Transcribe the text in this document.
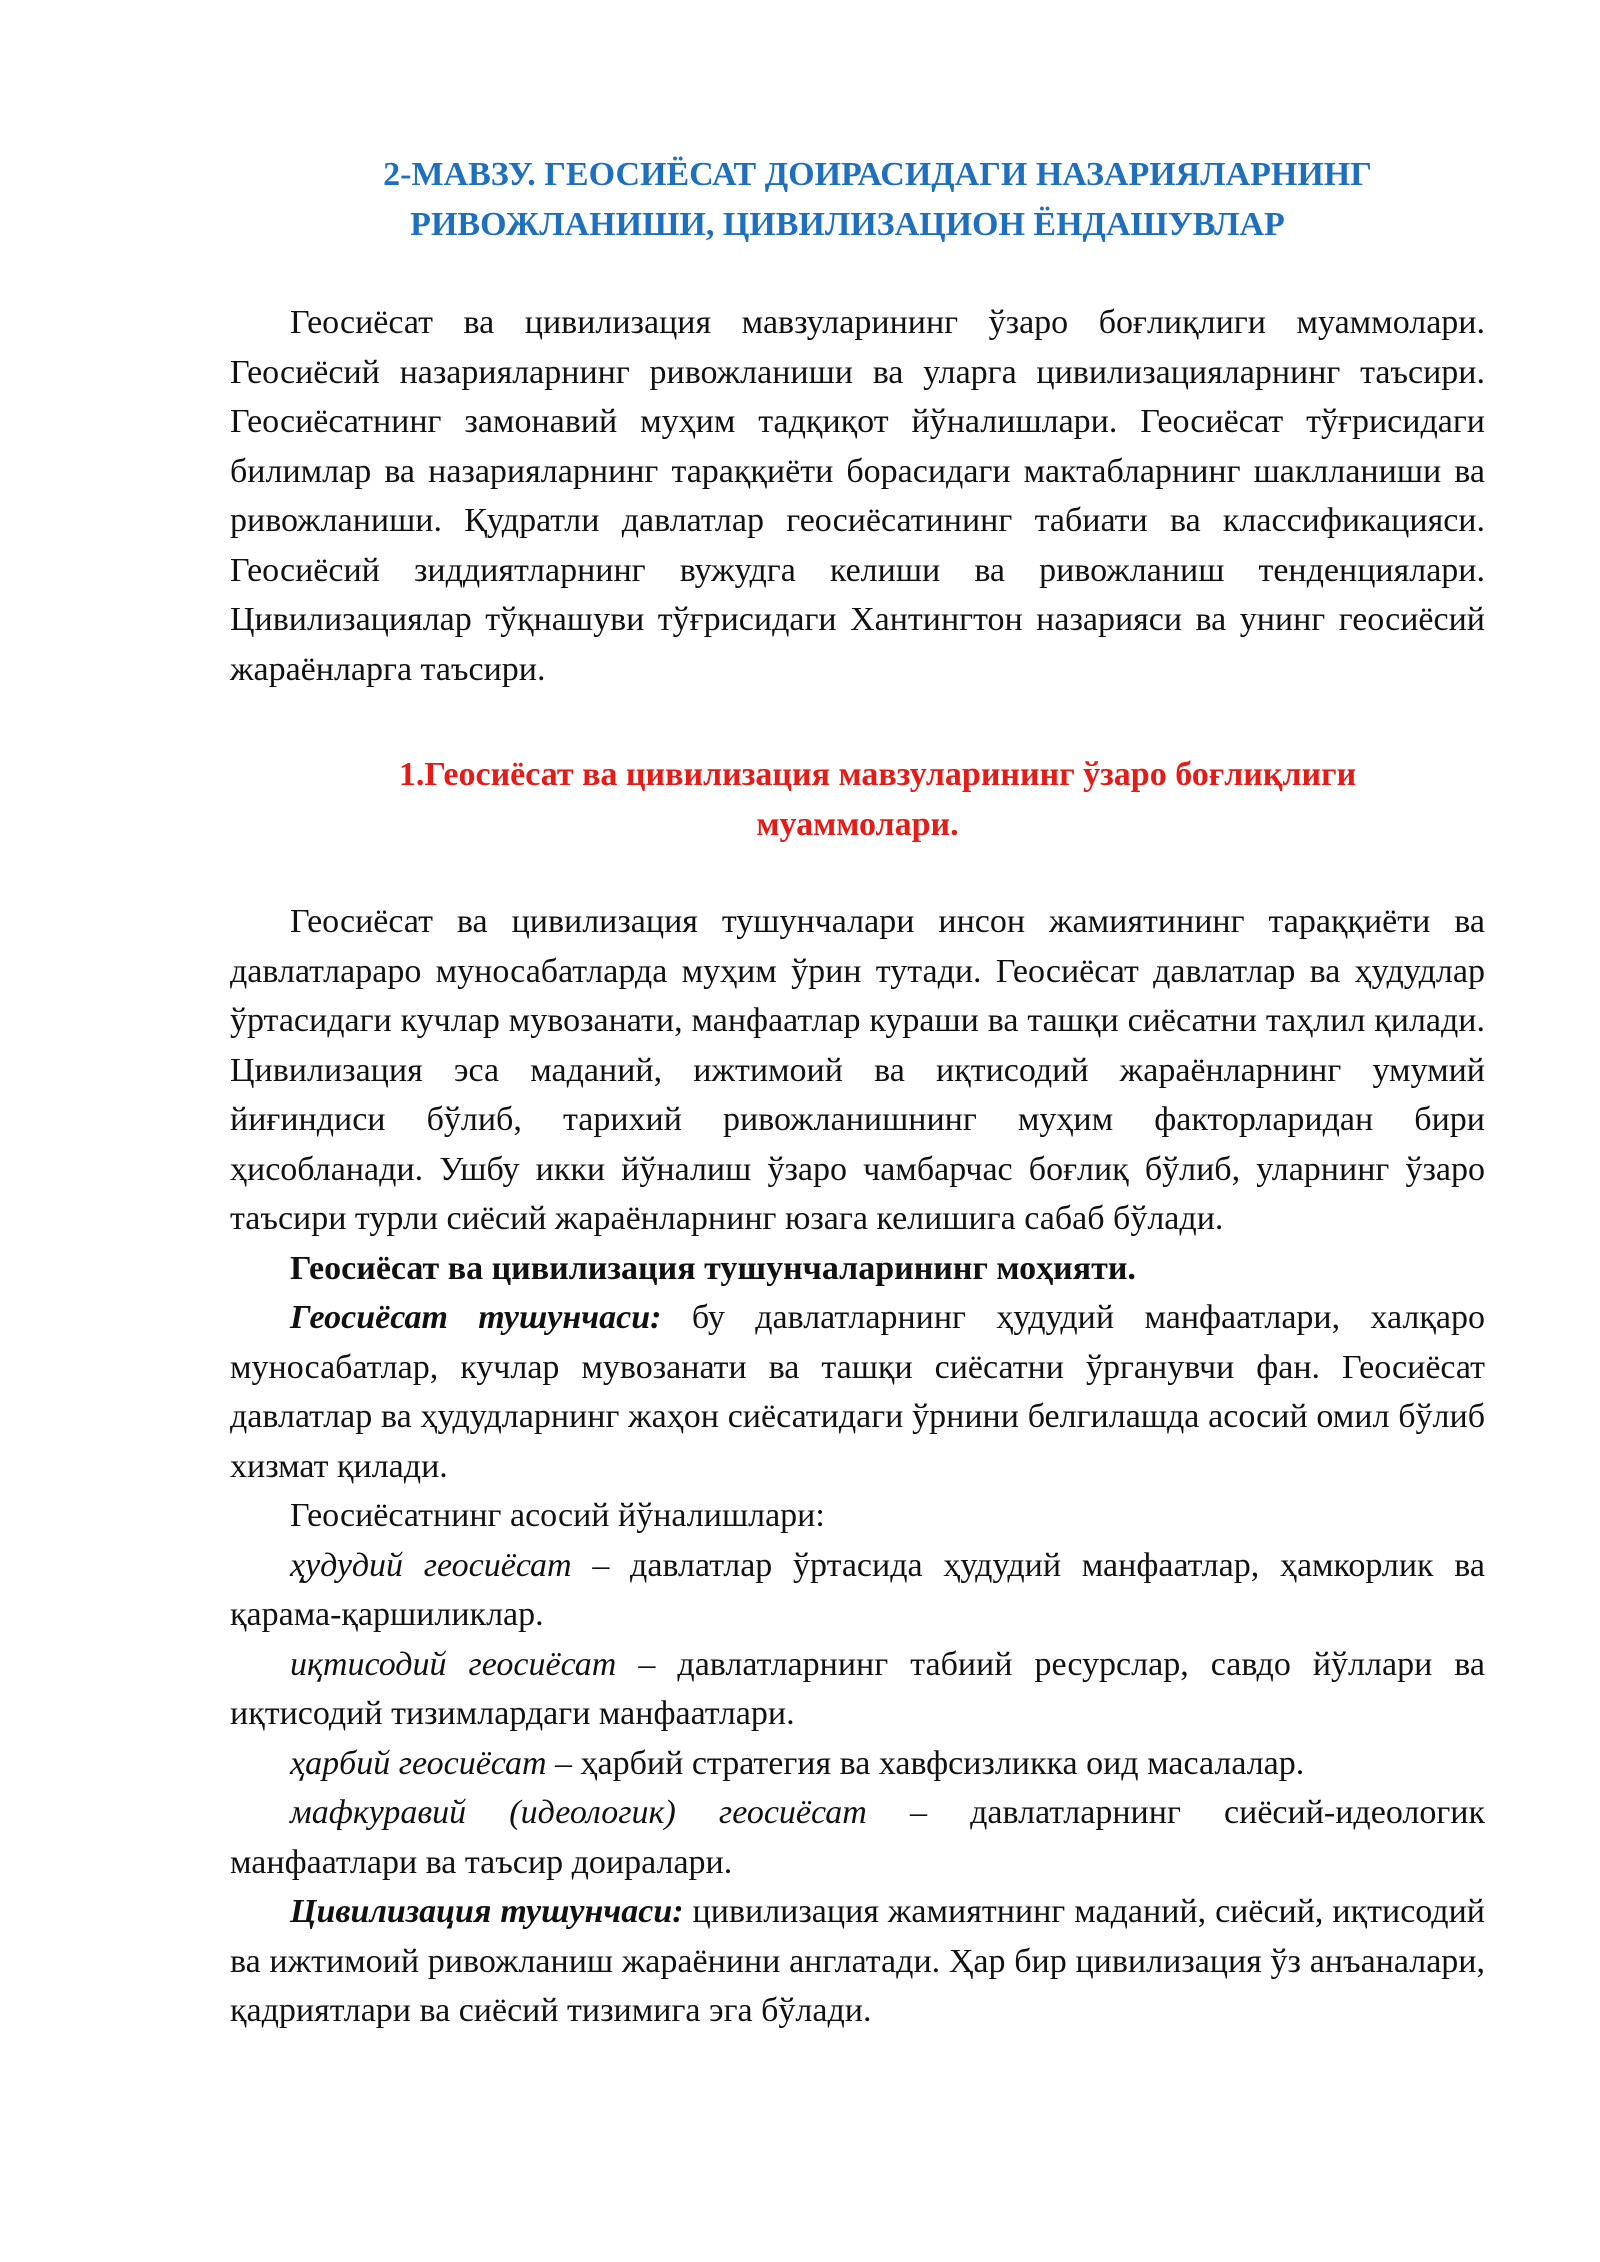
2-МАВЗУ. ГЕОСИЁСАТ ДОИРАСИДАГИ НАЗАРИЯЛАРНИНГ
РИВОЖЛАНИШИ, ЦИВИЛИЗАЦИОН ЁНДАШУВЛАР

Геосиёсат ва цивилизация мавзуларининг ўзаро боғлиқлиги муаммолари. Геосиёсий назарияларнинг ривожланиши ва уларга цивилизацияларнинг таъсири. Геосиёсатнинг замонавий муҳим тадқиқот йўналишлари. Геосиёсат тўғрисидаги билимлар ва назарияларнинг тараққиёти борасидаги мактабларнинг шаклланиши ва ривожланиши. Қудратли давлатлар геосиёсатининг табиати ва классификацияси. Геосиёсий зиддиятларнинг вужудга келиши ва ривожланиш тенденциялари. Цивилизациялар тўқнашуви тўғрисидаги Хантингтон назарияси ва унинг геосиёсий жараёнларга таъсири.

1.Геосиёсат ва цивилизация мавзуларининг ўзаро боғлиқлиги
муаммолари.

Геосиёсат ва цивилизация тушунчалари инсон жамиятининг тараққиёти ва давлатлараро муносабатларда муҳим ўрин тутади. Геосиёсат давлатлар ва ҳудудлар ўртасидаги кучлар мувозанати, манфаатлар кураши ва ташқи сиёсатни таҳлил қилади. Цивилизация эса маданий, ижтимоий ва иқтисодий жараёнларнинг умумий йиғиндиси бўлиб, тарихий ривожланишнинг муҳим факторларидан бири ҳисобланади. Ушбу икки йўналиш ўзаро чамбарчас боғлиқ бўлиб, уларнинг ўзаро таъсири турли сиёсий жараёнларнинг юзага келишига сабаб бўлади.

Геосиёсат ва цивилизация тушунчаларининг моҳияти.

Геосиёсат тушунчаси: бу давлатларнинг ҳудудий манфаатлари, халқаро муносабатлар, кучлар мувозанати ва ташқи сиёсатни ўрганувчи фан. Геосиёсат давлатлар ва ҳудудларнинг жаҳон сиёсатидаги ўрнини белгилашда асосий омил бўлиб хизмат қилади.

Геосиёсатнинг асосий йўналишлари:

ҳудудий геосиёсат – давлатлар ўртасида ҳудудий манфаатлар, ҳамкорлик ва қарама-қаршиликлар.

иқтисодий геосиёсат – давлатларнинг табиий ресурслар, савдо йўллари ва иқтисодий тизимлардаги манфаатлари.

ҳарбий геосиёсат – ҳарбий стратегия ва хавфсизликка оид масалалар.

мафкуравий (идеологик) геосиёсат – давлатларнинг сиёсий-идеологик манфаатлари ва таъсир доиралари.

Цивилизация тушунчаси: цивилизация жамиятнинг маданий, сиёсий, иқтисодий ва ижтимоий ривожланиш жараёнини англатади. Ҳар бир цивилизация ўз анъаналари, қадриятлари ва сиёсий тизимига эга бўлади.
